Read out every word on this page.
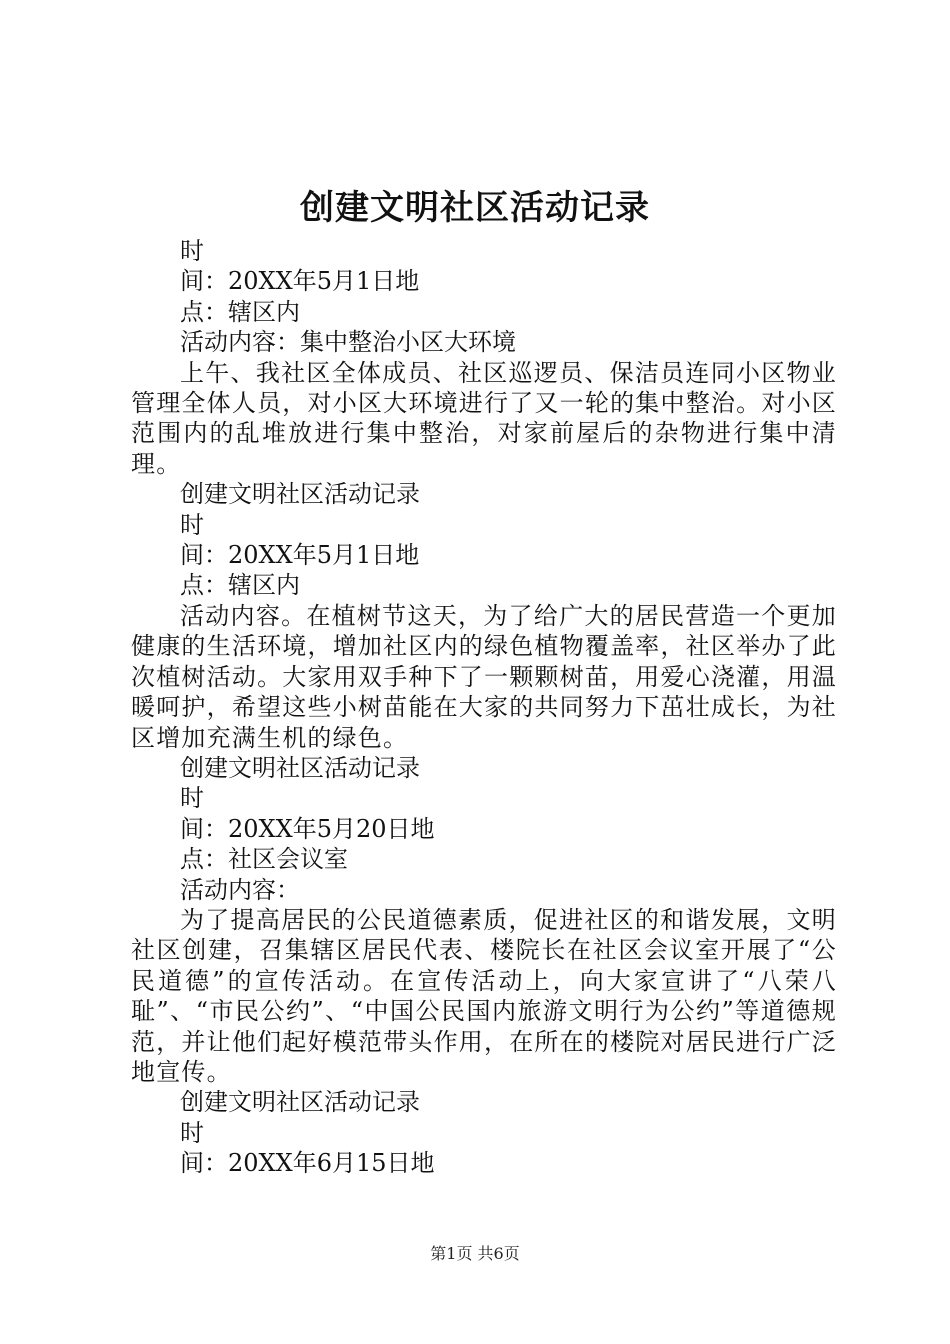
创建文明社区活动记录
时
间：20XX年5月1日地
点：辖区内
活动内容：集中整治小区大环境
上午、我社区全体成员、社区巡逻员、保洁员连同小区物业管理全体人员，对小区大环境进行了又一轮的集中整治。对小区范围内的乱堆放进行集中整治，对家前屋后的杂物进行集中清理。
创建文明社区活动记录
时
间：20XX年5月1日地
点：辖区内
活动内容。在植树节这天，为了给广大的居民营造一个更加健康的生活环境，增加社区内的绿色植物覆盖率，社区举办了此次植树活动。大家用双手种下了一颗颗树苗，用爱心浇灌，用温暖呵护，希望这些小树苗能在大家的共同努力下茁壮成长，为社区增加充满生机的绿色。
创建文明社区活动记录
时
间：20XX年5月20日地
点：社区会议室
活动内容：
为了提高居民的公民道德素质，促进社区的和谐发展，文明社区创建，召集辖区居民代表、楼院长在社区会议室开展了“公民道德”的宣传活动。在宣传活动上，向大家宣讲了“八荣八耻”、“市民公约”、“中国公民国内旅游文明行为公约”等道德规范，并让他们起好模范带头作用，在所在的楼院对居民进行广泛地宣传。
创建文明社区活动记录
时
间：20XX年6月15日地
第1页 共6页
